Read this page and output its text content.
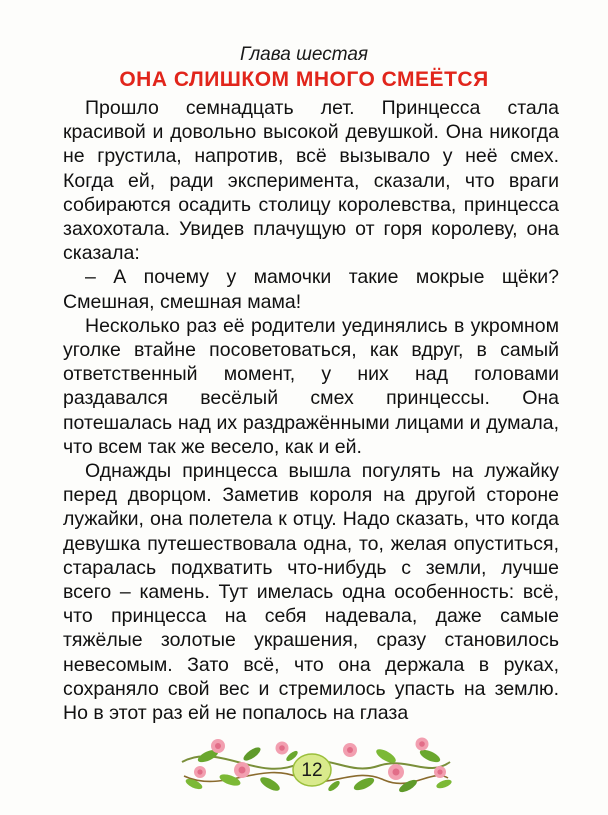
Глава шестая
ОНА СЛИШКОМ МНОГО СМЕЁТСЯ

Прошло семнадцать лет. Принцесса стала красивой и довольно высокой девушкой. Она никогда не грустила, напротив, всё вызывало у неё смех. Когда ей, ради эксперимента, сказали, что враги собираются осадить столицу королевства, принцесса захохотала. Увидев плачущую от горя королеву, она сказала:

– А почему у мамочки такие мокрые щёки? Смешная, смешная мама!

Несколько раз её родители уединялись в укромном уголке втайне посоветоваться, как вдруг, в самый ответственный момент, у них над головами раздавался весёлый смех принцессы. Она потешалась над их раздражёнными лицами и думала, что всем так же весело, как и ей.

Однажды принцесса вышла погулять на лужайку перед дворцом. Заметив короля на другой стороне лужайки, она полетела к отцу. Надо сказать, что когда девушка путешествовала одна, то, желая опуститься, старалась подхватить что-нибудь с земли, лучше всего – камень. Тут имелась одна особенность: всё, что принцесса на себя надевала, даже самые тяжёлые золотые украшения, сразу становилось невесомым. Зато всё, что она держала в руках, сохраняло свой вес и стремилось упасть на землю. Но в этот раз ей не попалось на глаза

12
